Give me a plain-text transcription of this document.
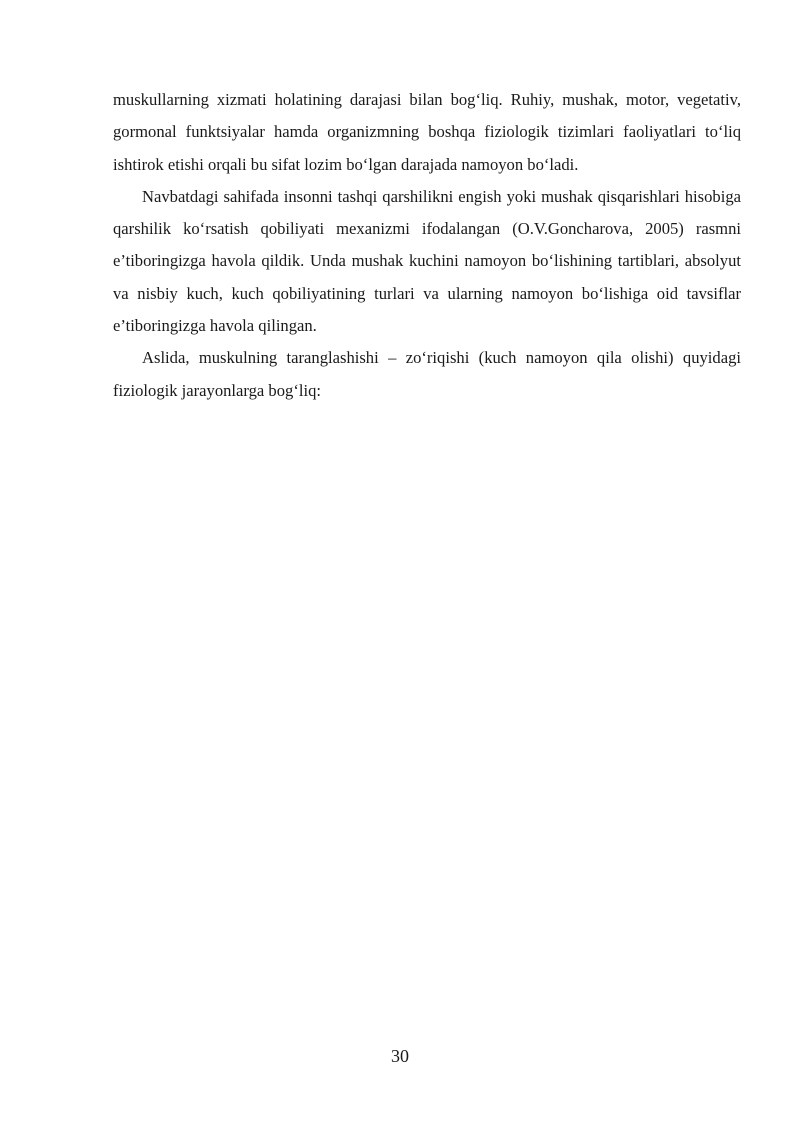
muskullarning xizmati holatining darajasi bilan bog‘liq. Ruhiy, mushak, motor, vegetativ, gormonal funktsiyalar hamda organizmning boshqa fiziologik tizimlari faoliyatlari to‘liq ishtirok etishi orqali bu sifat lozim bo‘lgan darajada namoyon bo‘ladi.

Navbatdagi sahifada insonni tashqi qarshilikni engish yoki mushak qisqarishlari hisobiga qarshilik ko‘rsatish qobiliyati mexanizmi ifodalangan (O.V.Goncharova, 2005) rasmni e’tiboringizga havola qildik. Unda mushak kuchini namoyon bo‘lishining tartiblari, absolyut va nisbiy kuch, kuch qobiliyatining turlari va ularning namoyon bo‘lishiga oid tavsiflar e’tiboringizga havola qilingan.

Aslida, muskulning taranglashishi – zo‘riqishi (kuch namoyon qila olishi) quyidagi fiziologik jarayonlarga bog‘liq:

30
